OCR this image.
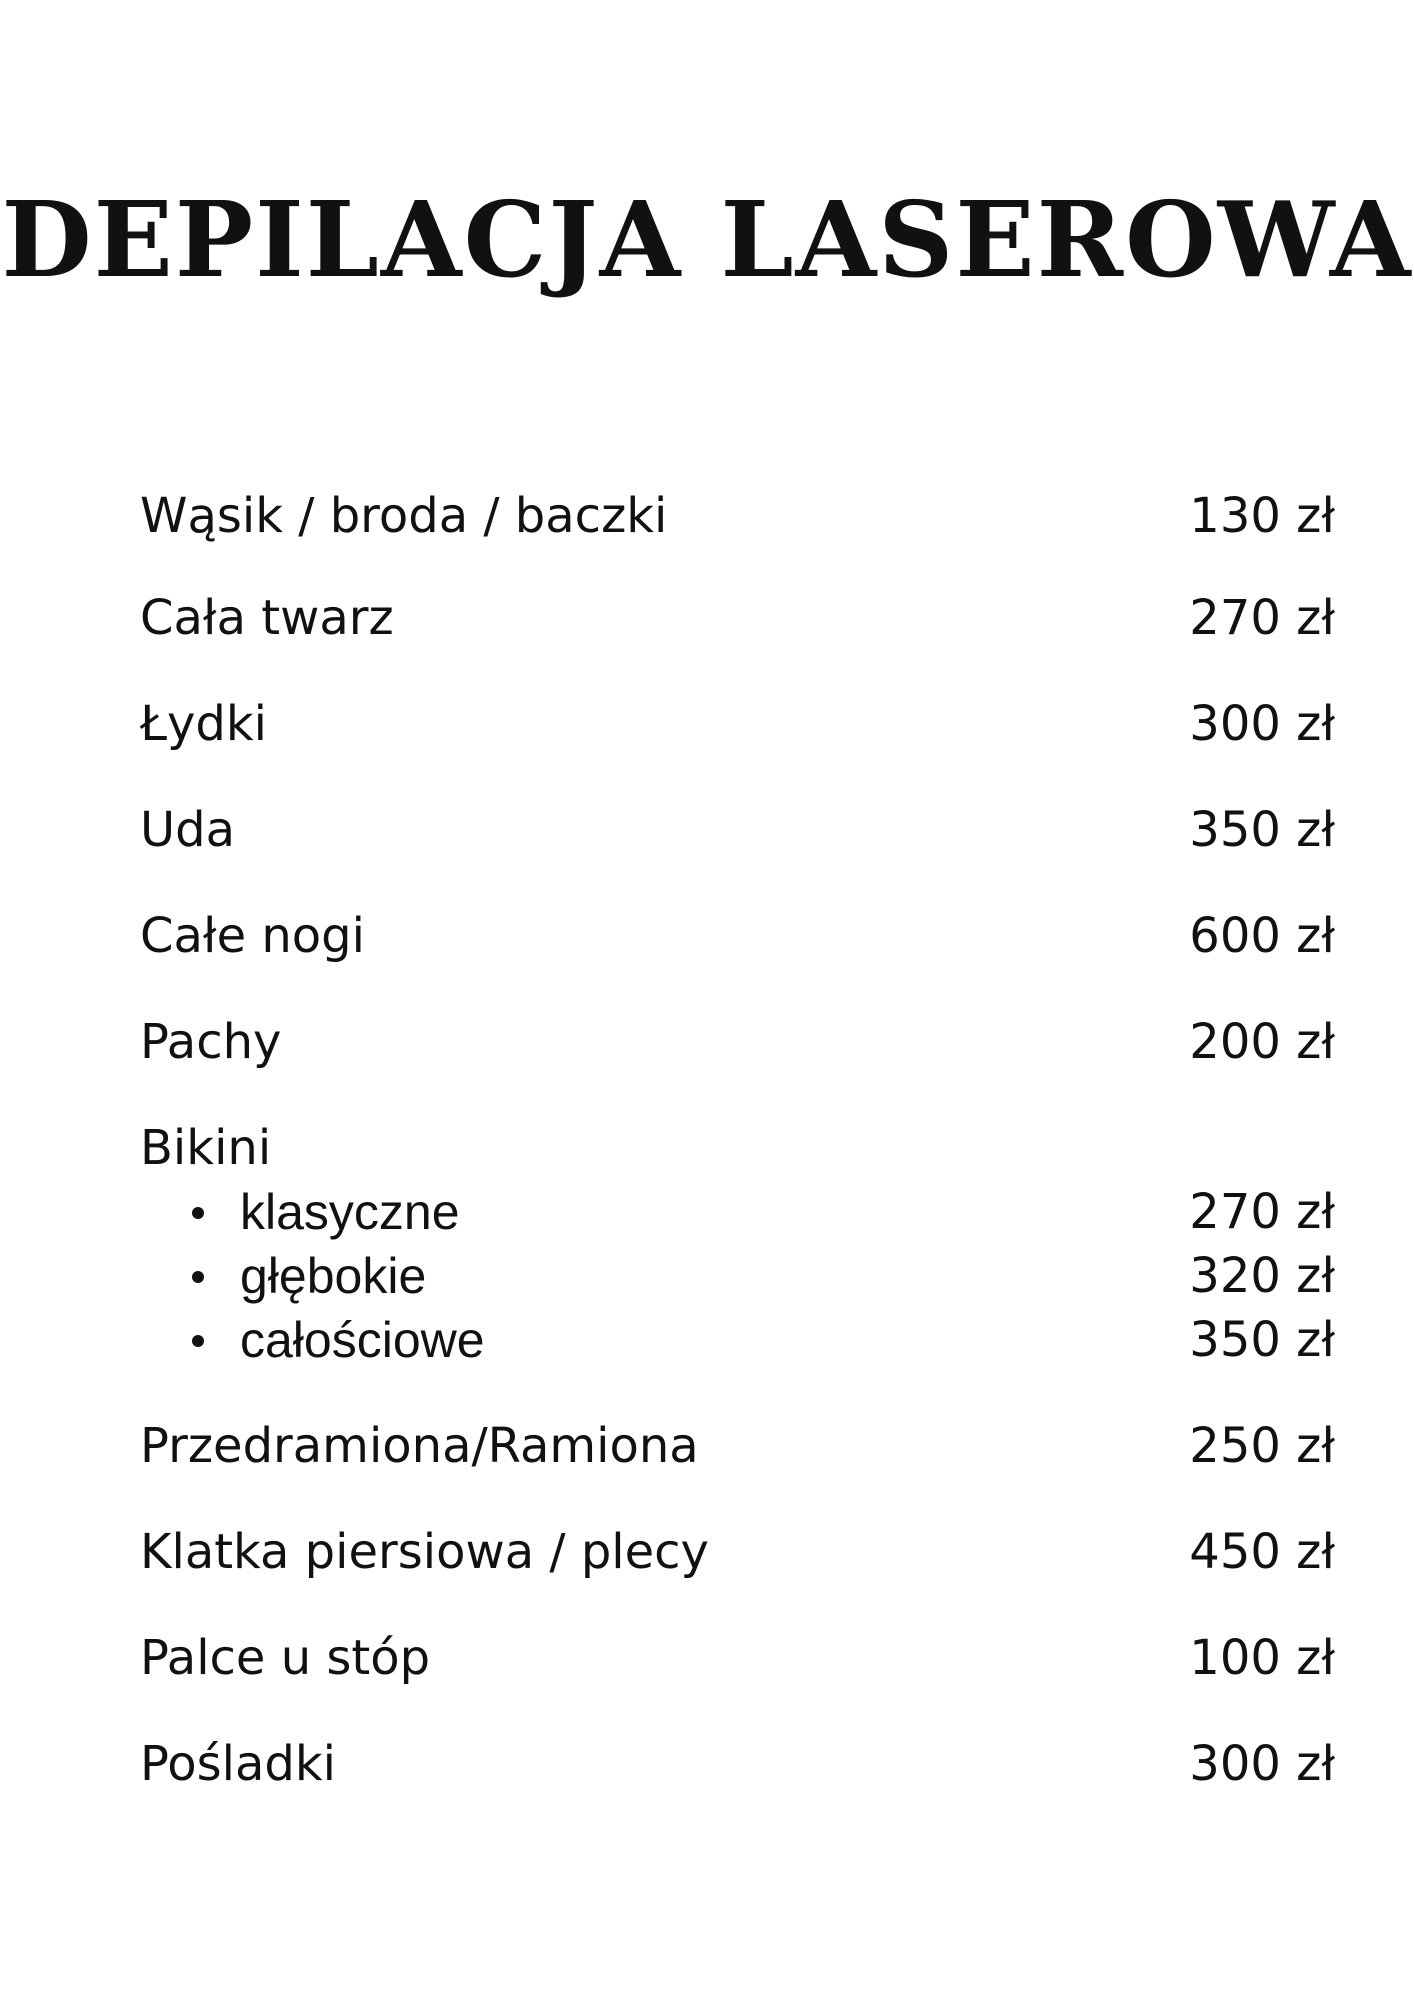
DEPILACJA LASEROWA
Wąsik / broda / baczki	130 zł
Cała twarz	270 zł
Łydki	300 zł
Uda	350 zł
Całe nogi	600 zł
Pachy	200 zł
Bikini
klasyczne	270 zł
głębokie	320 zł
całościowe	350 zł
Przedramiona/Ramiona	250 zł
Klatka piersiowa / plecy	450 zł
Palce u stóp	100 zł
Pośladki	300 zł
